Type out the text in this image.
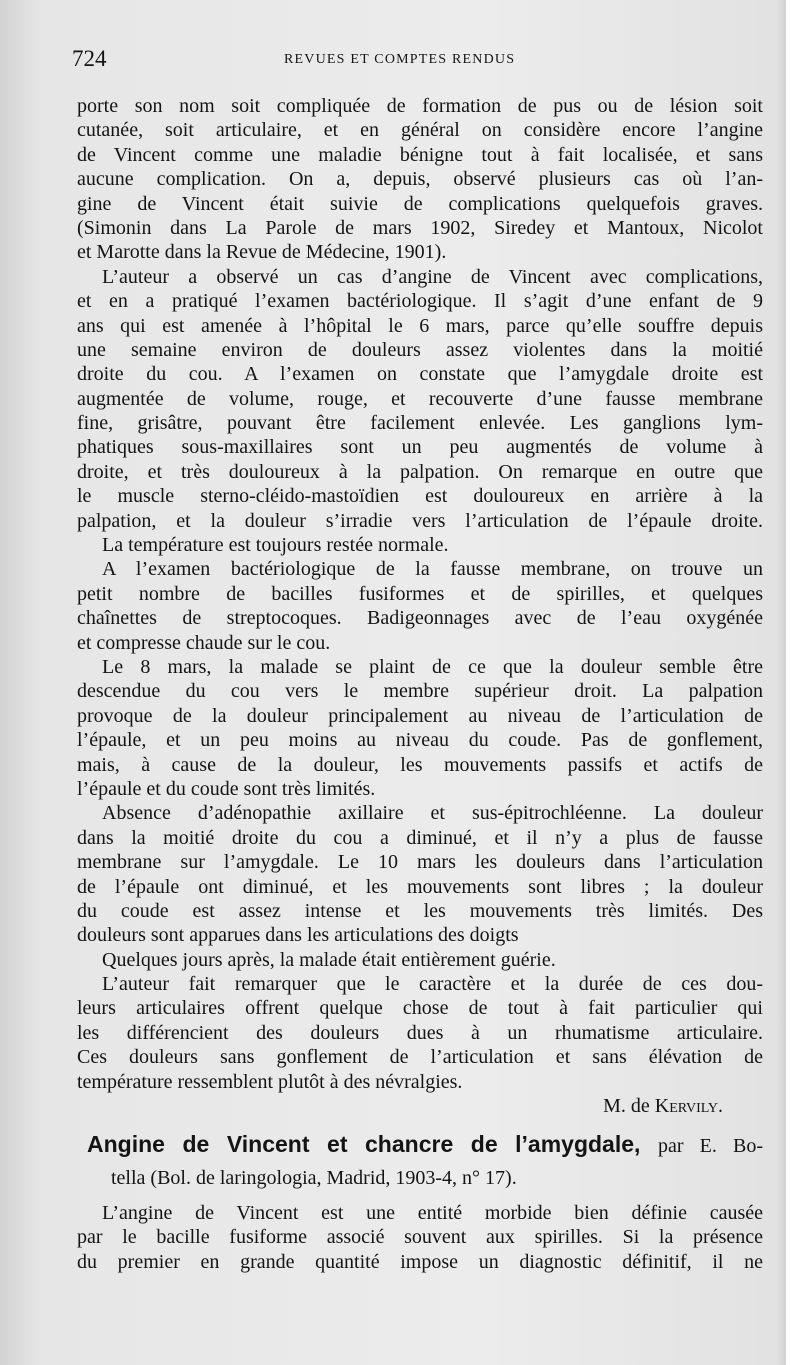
724	REVUES ET COMPTES RENDUS
porte son nom soit compliquée de formation de pus ou de lésion soit
cutanée, soit articulaire, et en général on considère encore l’angine
de Vincent comme une maladie bénigne tout à fait localisée, et sans
aucune complication. On a, depuis, observé plusieurs cas où l’an-
gine de Vincent était suivie de complications quelquefois graves.
(Simonin dans La Parole de mars 1902, Siredey et Mantoux, Nicolot
et Marotte dans la Revue de Médecine, 1901).
L’auteur a observé un cas d’angine de Vincent avec complications,
et en a pratiqué l’examen bactériologique. Il s’agit d’une enfant de 9
ans qui est amenée à l’hôpital le 6 mars, parce qu’elle souffre depuis
une semaine environ de douleurs assez violentes dans la moitié
droite du cou. A l’examen on constate que l’amygdale droite est
augmentée de volume, rouge, et recouverte d’une fausse membrane
fine, grisâtre, pouvant être facilement enlevée. Les ganglions lym-
phatiques sous-maxillaires sont un peu augmentés de volume à
droite, et très douloureux à la palpation. On remarque en outre que
le muscle sterno-cléido-mastoïdien est douloureux en arrière à la
palpation, et la douleur s’irradie vers l’articulation de l’épaule droite.
La température est toujours restée normale.
A l’examen bactériologique de la fausse membrane, on trouve un
petit nombre de bacilles fusiformes et de spirilles, et quelques
chaînettes de streptocoques. Badigeonnages avec de l’eau oxygénée
et compresse chaude sur le cou.
Le 8 mars, la malade se plaint de ce que la douleur semble être
descendue du cou vers le membre supérieur droit. La palpation
provoque de la douleur principalement au niveau de l’articulation de
l’épaule, et un peu moins au niveau du coude. Pas de gonflement,
mais, à cause de la douleur, les mouvements passifs et actifs de
l’épaule et du coude sont très limités.
Absence d’adénopathie axillaire et sus-épitrochléenne. La douleur
dans la moitié droite du cou a diminué, et il n’y a plus de fausse
membrane sur l’amygdale. Le 10 mars les douleurs dans l’articulation
de l’épaule ont diminué, et les mouvements sont libres ; la douleur
du coude est assez intense et les mouvements très limités. Des
douleurs sont apparues dans les articulations des doigts
Quelques jours après, la malade était entièrement guérie.
L’auteur fait remarquer que le caractère et la durée de ces dou-
leurs articulaires offrent quelque chose de tout à fait particulier qui
les différencient des douleurs dues à un rhumatisme articulaire.
Ces douleurs sans gonflement de l’articulation et sans élévation de
température ressemblent plutôt à des névralgies.
M. de Kervily.
Angine de Vincent et chancre de l’amygdale, par E. Bo-
tella (Bol. de laringologia, Madrid, 1903-4, n° 17).
L’angine de Vincent est une entité morbide bien définie causée
par le bacille fusiforme associé souvent aux spirilles. Si la présence
du premier en grande quantité impose un diagnostic définitif, il ne
